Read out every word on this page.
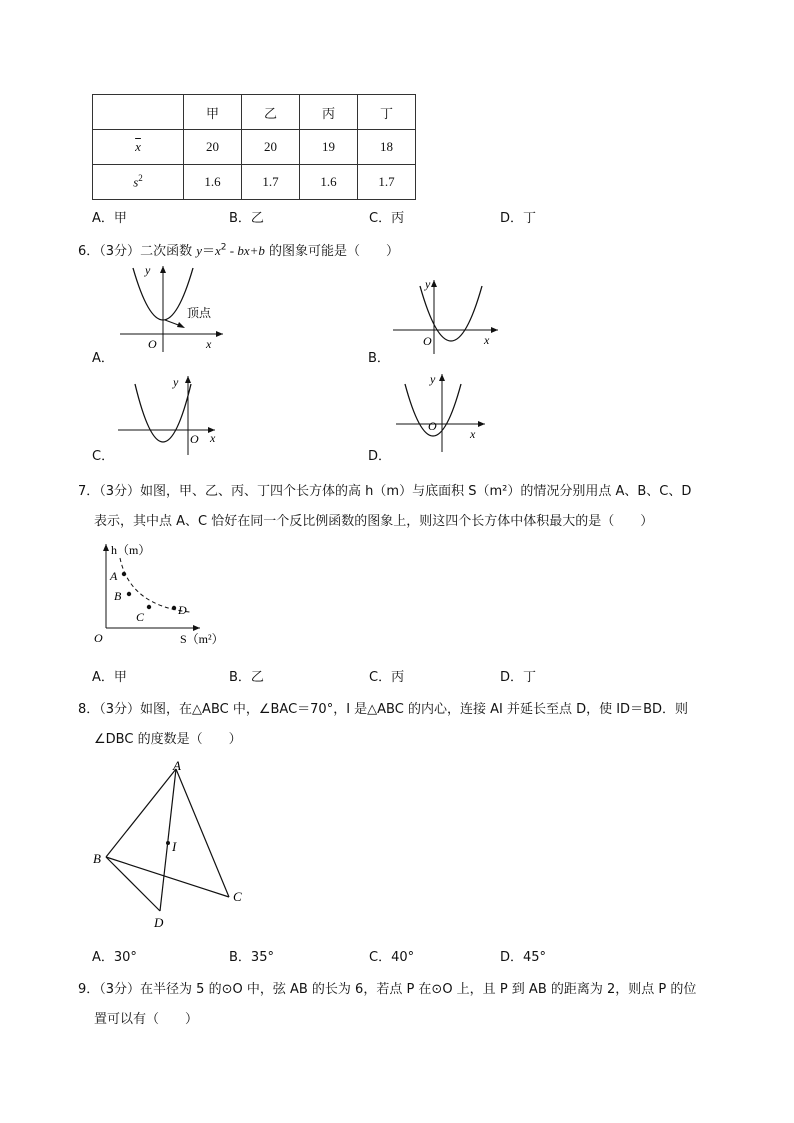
	甲	乙	丙	丁
$\overline{x}$	20	20	19	18
$s^2$	1.6	1.7	1.6	1.7
A．甲	B．乙	C．丙	D．丁
6．（3分）二次函数 $y=x^2$ ‑ bx+b 的图象可能是（　　）
A．	B．
C．	D．
y
顶点
O	x
y
O	x
y
O x
y
O
x
7．（3分）如图，甲、乙、丙、丁四个长方体的高 h（m）与底面积 S（m²）的情况分别用点 A、B、C、D
表示，其中点 A、C 恰好在同一个反比例函数的图象上，则这四个长方体中体积最大的是（　　）
A
B
C	D
h（m）
O	S（m²）
A．甲	B．乙	C．丙	D．丁
8．（3分）如图，在△ABC 中，∠BAC＝70°，I 是△ABC 的内心，连接 AI 并延长至点 D，使 ID＝BD．则
∠DBC 的度数是（　　）
A
B
C
D
I
A．30°	B．35°	C．40°	D．45°
9．（3分）在半径为 5 的⊙O 中，弦 AB 的长为 6，若点 P 在⊙O 上，且 P 到 AB 的距离为 2，则点 P 的位
置可以有（　　）
